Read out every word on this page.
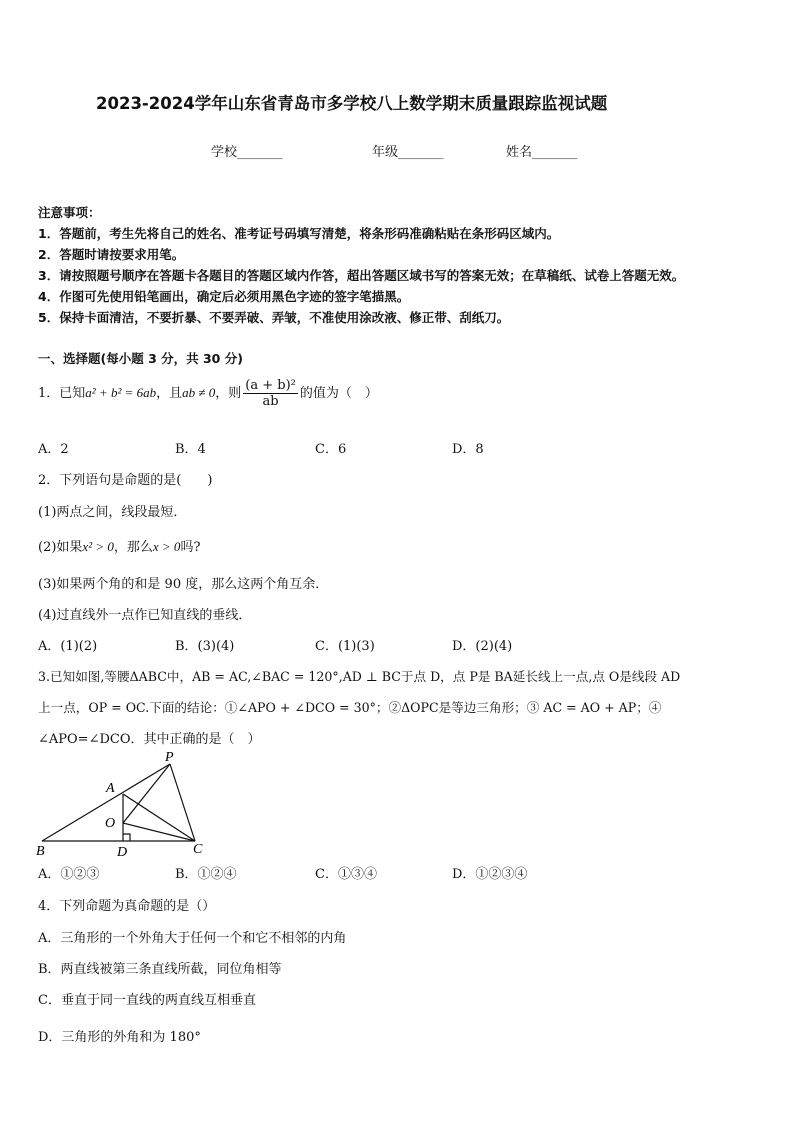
2023-2024学年山东省青岛市多学校八上数学期末质量跟踪监视试题
学校_______	年级_______	姓名_______
注意事项：
1．答题前，考生先将自己的姓名、准考证号码填写清楚，将条形码准确粘贴在条形码区域内。
2．答题时请按要求用笔。
3．请按照题号顺序在答题卡各题目的答题区域内作答，超出答题区域书写的答案无效；在草稿纸、试卷上答题无效。
4．作图可先使用铅笔画出，确定后必须用黑色字迹的签字笔描黑。
5．保持卡面清洁，不要折暴、不要弄破、弄皱，不准使用涂改液、修正带、刮纸刀。
一、选择题(每小题 3 分，共 30 分)
1．已知a² + b² = 6ab，且ab ≠ 0，则 $\frac{\text{(a + b)²}}{ab}$ 的值为（　）
A．2	B．4	C．6	D．8
2．下列语句是命题的是(　　)
(1)两点之间，线段最短．
(2)如果x² > 0，那么x > 0吗?
(3)如果两个角的和是 90 度，那么这两个角互余．
(4)过直线外一点作已知直线的垂线．
A．(1)(2)	B．(3)(4)	C．(1)(3)	D．(2)(4)
3.已知如图,等腰ΔABC中，AB = AC,∠BAC = 120°,AD ⊥ BC于点 D，点 P是 BA延长线上一点,点 O是线段 AD
上一点，OP = OC.下面的结论：①∠APO + ∠DCO = 30°；②ΔOPC是等边三角形；③ AC = AO + AP；④
∠APO=∠DCO．其中正确的是（　）
P
A
O
B	D	C
A．①②③	B．①②④	C．①③④	D．①②③④
4．下列命题为真命题的是（）
A．三角形的一个外角大于任何一个和它不相邻的内角
B．两直线被第三条直线所截，同位角相等
C．垂直于同一直线的两直线互相垂直
D．三角形的外角和为 180°
